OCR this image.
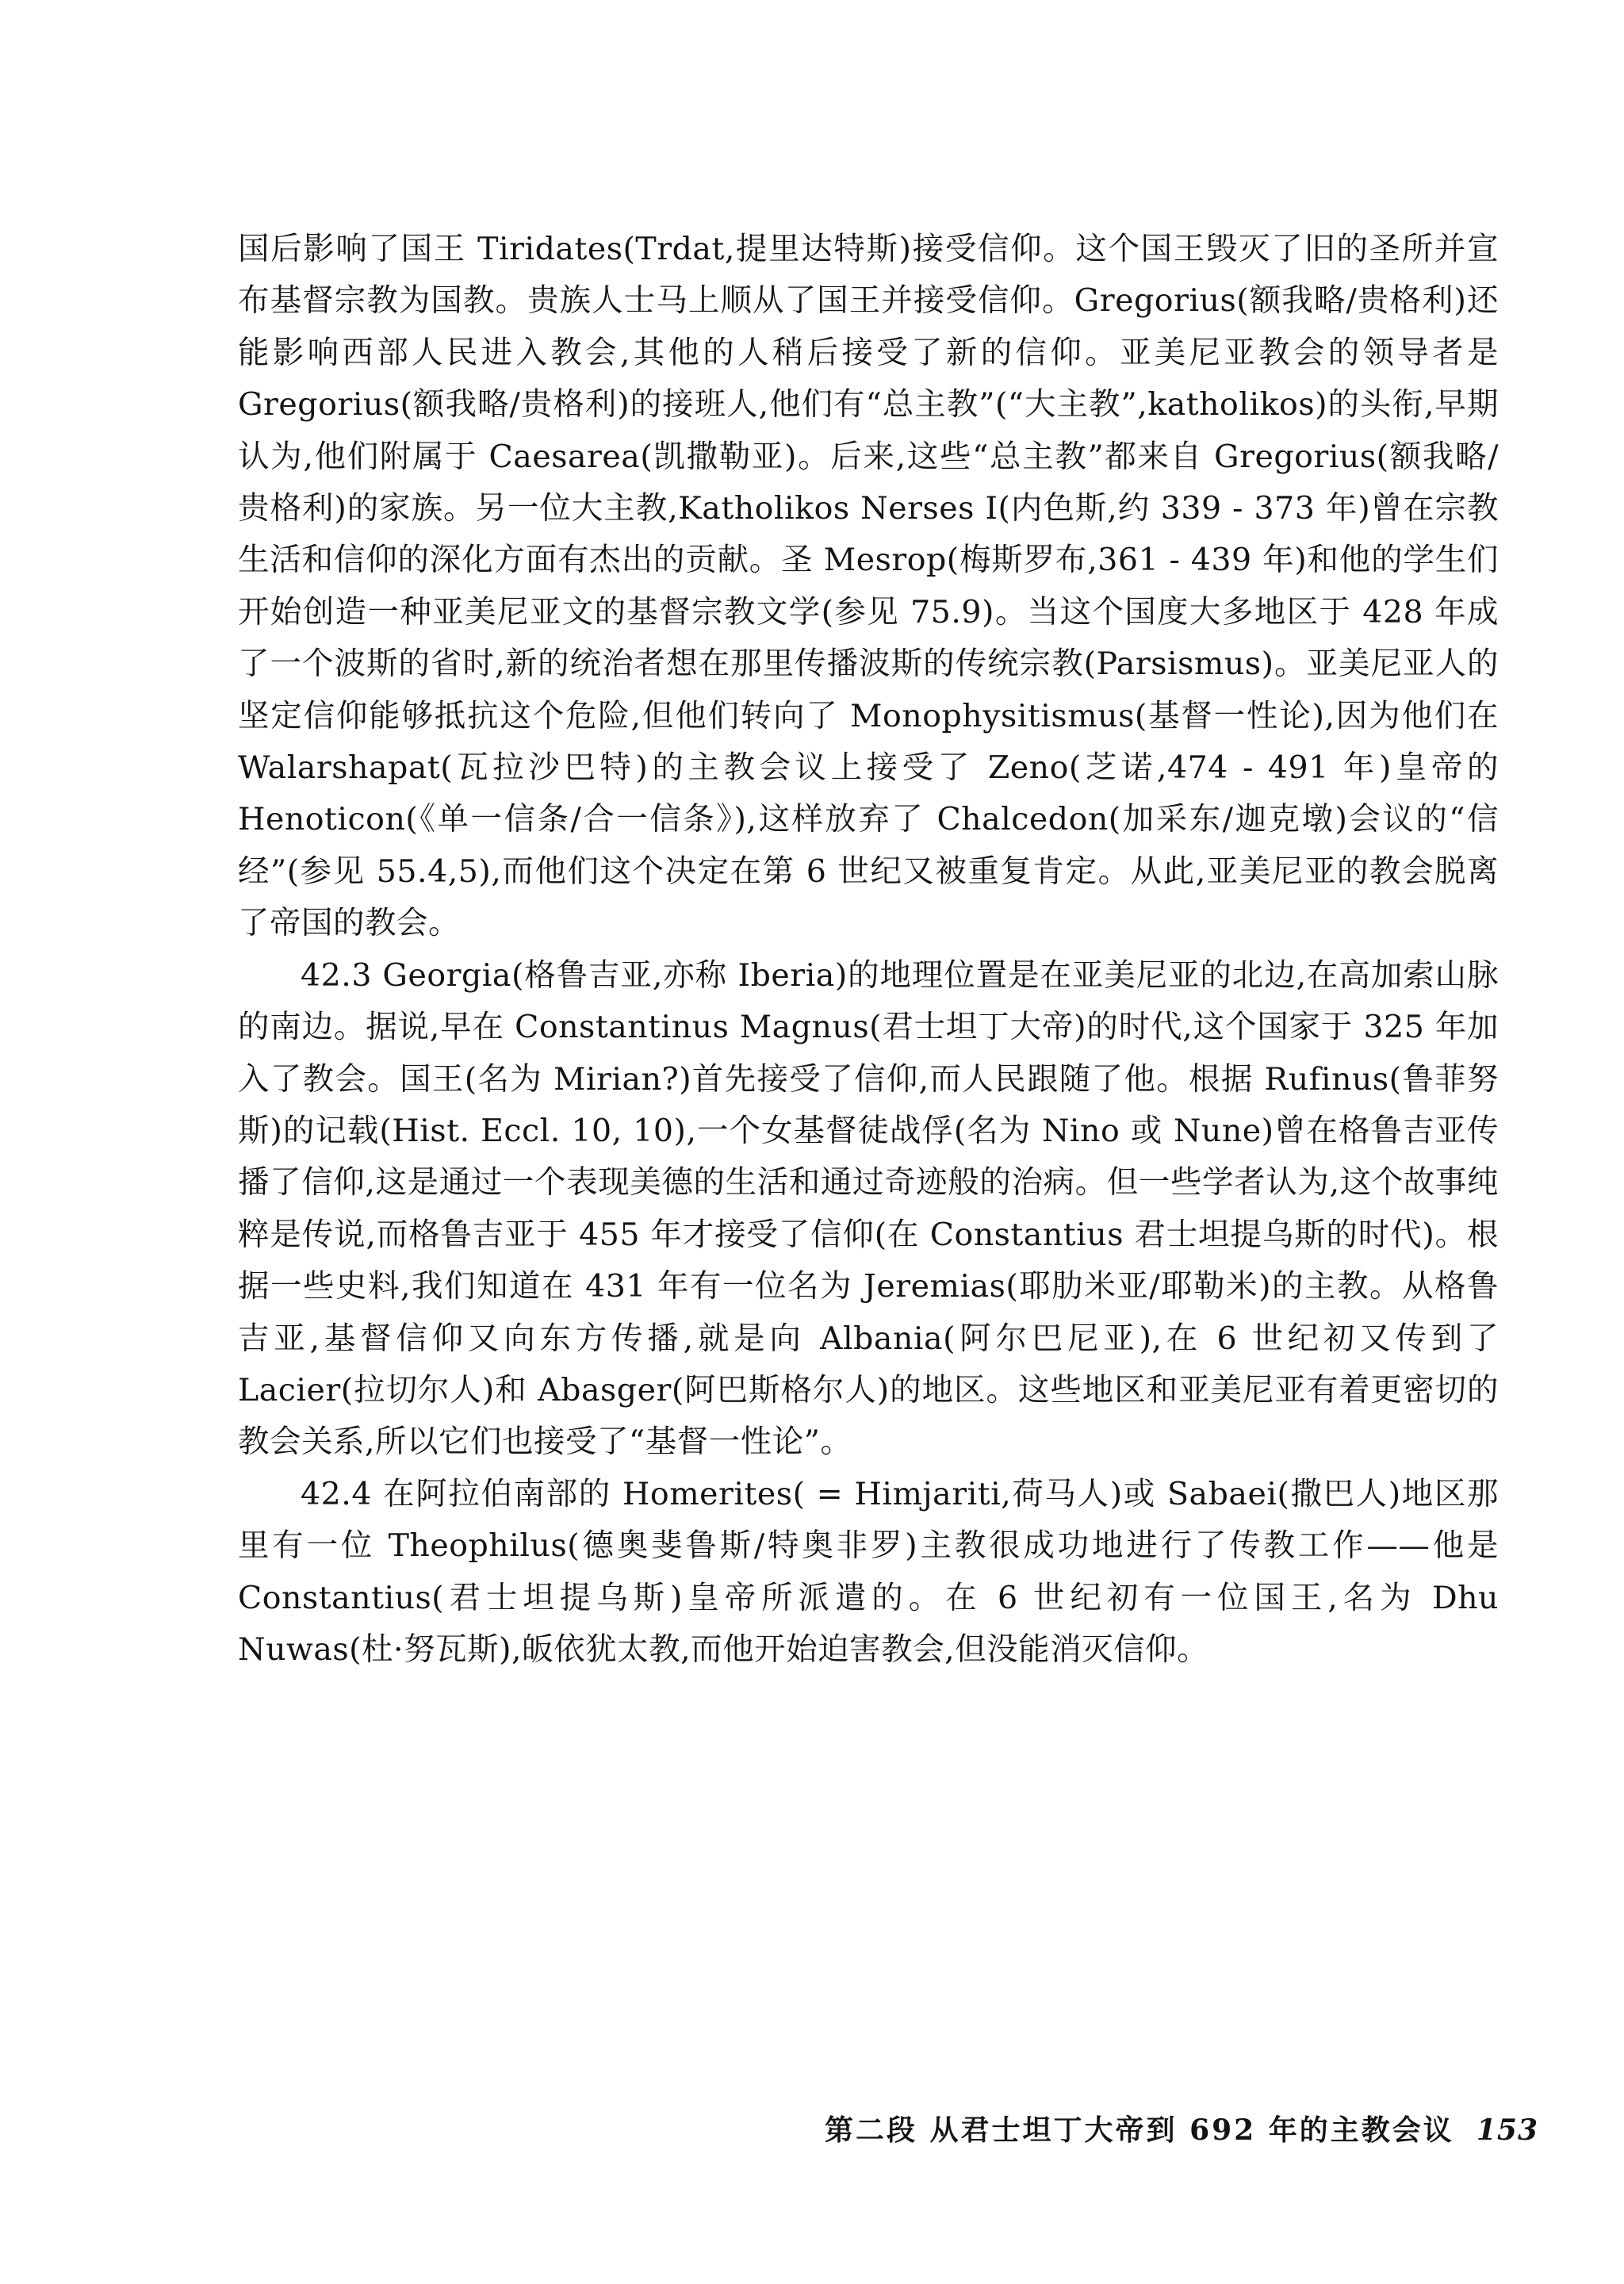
国后影响了国王 Tiridates(Trdat,提里达特斯)接受信仰。这个国王毁灭了旧的圣所并宣布基督宗教为国教。贵族人士马上顺从了国王并接受信仰。Gregorius(额我略/贵格利)还能影响西部人民进入教会,其他的人稍后接受了新的信仰。亚美尼亚教会的领导者是 Gregorius(额我略/贵格利)的接班人,他们有“总主教”(“大主教”,katholikos)的头衔,早期认为,他们附属于 Caesarea(凯撒勒亚)。后来,这些“总主教”都来自 Gregorius(额我略/贵格利)的家族。另一位大主教,Katholikos Nerses I(内色斯,约 339 - 373 年)曾在宗教生活和信仰的深化方面有杰出的贡献。圣 Mesrop(梅斯罗布,361 - 439 年)和他的学生们开始创造一种亚美尼亚文的基督宗教文学(参见 75.9)。当这个国度大多地区于 428 年成了一个波斯的省时,新的统治者想在那里传播波斯的传统宗教(Parsismus)。亚美尼亚人的坚定信仰能够抵抗这个危险,但他们转向了 Monophysitismus(基督一性论),因为他们在 Walarshapat(瓦拉沙巴特)的主教会议上接受了 Zeno(芝诺,474 - 491 年)皇帝的 Henoticon(《单一信条/合一信条》),这样放弃了 Chalcedon(加采东/迦克墩)会议的“信经”(参见 55.4,5),而他们这个决定在第 6 世纪又被重复肯定。从此,亚美尼亚的教会脱离了帝国的教会。

42.3 Georgia(格鲁吉亚,亦称 Iberia)的地理位置是在亚美尼亚的北边,在高加索山脉的南边。据说,早在 Constantinus Magnus(君士坦丁大帝)的时代,这个国家于 325 年加入了教会。国王(名为 Mirian?)首先接受了信仰,而人民跟随了他。根据 Rufinus(鲁菲努斯)的记载(Hist. Eccl. 10, 10),一个女基督徒战俘(名为 Nino 或 Nune)曾在格鲁吉亚传播了信仰,这是通过一个表现美德的生活和通过奇迹般的治病。但一些学者认为,这个故事纯粹是传说,而格鲁吉亚于 455 年才接受了信仰(在 Constantius 君士坦提乌斯的时代)。根据一些史料,我们知道在 431 年有一位名为 Jeremias(耶肋米亚/耶勒米)的主教。从格鲁吉亚,基督信仰又向东方传播,就是向 Albania(阿尔巴尼亚),在 6 世纪初又传到了 Lacier(拉切尔人)和 Abasger(阿巴斯格尔人)的地区。这些地区和亚美尼亚有着更密切的教会关系,所以它们也接受了“基督一性论”。

42.4 在阿拉伯南部的 Homerites( = Himjariti,荷马人)或 Sabaei(撒巴人)地区那里有一位 Theophilus(德奥斐鲁斯/特奥非罗)主教很成功地进行了传教工作——他是 Constantius(君士坦提乌斯)皇帝所派遣的。在 6 世纪初有一位国王,名为 Dhu Nuwas(杜·努瓦斯),皈依犹太教,而他开始迫害教会,但没能消灭信仰。

第二段 从君士坦丁大帝到 692 年的主教会议 153
